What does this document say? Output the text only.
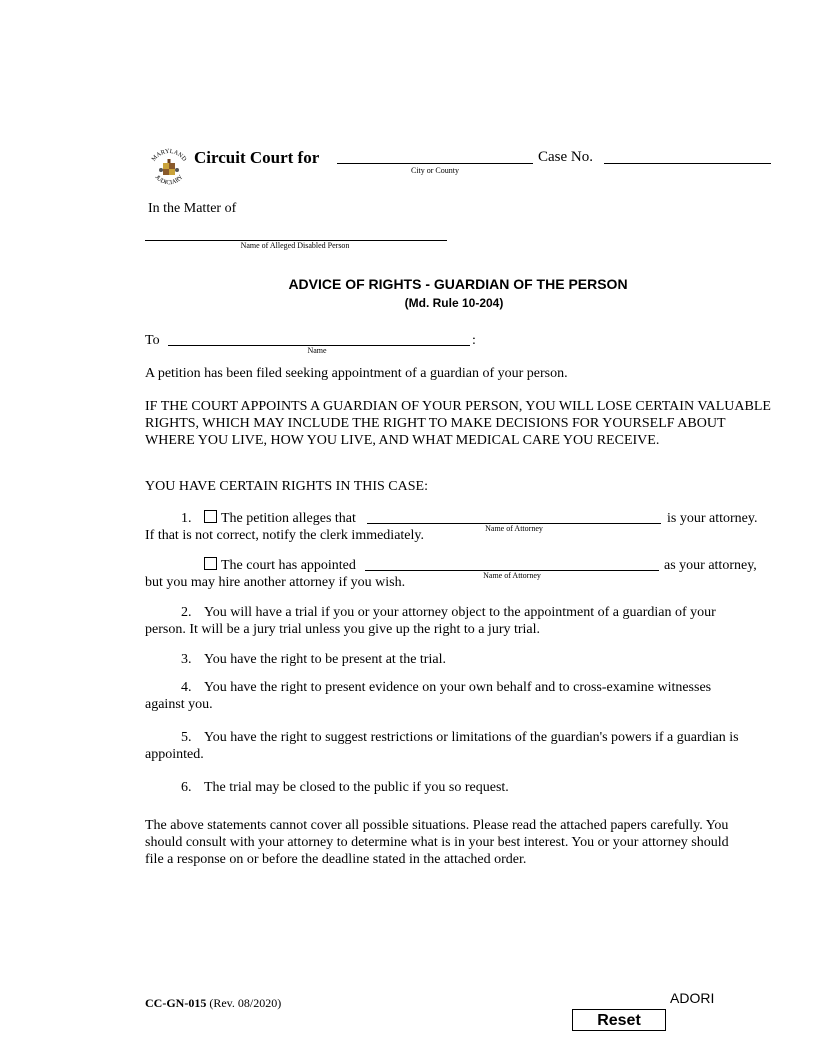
MARYLAND
JUDICIARY
Circuit Court for
City or County
Case No.
In the Matter of
Name of Alleged Disabled Person
ADVICE OF RIGHTS - GUARDIAN OF THE PERSON
(Md. Rule 10-204)
To	:
Name
A petition has been filed seeking appointment of a guardian of your person.
IF THE COURT APPOINTS A GUARDIAN OF YOUR PERSON, YOU WILL LOSE CERTAIN VALUABLE RIGHTS, WHICH MAY INCLUDE THE RIGHT TO MAKE DECISIONS FOR YOURSELF ABOUT WHERE YOU LIVE, HOW YOU LIVE, AND WHAT MEDICAL CARE YOU RECEIVE.
YOU HAVE CERTAIN RIGHTS IN THIS CASE:
1.	The petition alleges that
Name of Attorney
is your attorney.
If that is not correct, notify the clerk immediately.
The court has appointed
Name of Attorney
as your attorney,
but you may hire another attorney if you wish.
2. You will have a trial if you or your attorney object to the appointment of a guardian of your
person. It will be a jury trial unless you give up the right to a jury trial.
3. You have the right to be present at the trial.
4. You have the right to present evidence on your own behalf and to cross-examine witnesses
against you.
5. You have the right to suggest restrictions or limitations of the guardian's powers if a guardian is
appointed.
6. The trial may be closed to the public if you so request.
The above statements cannot cover all possible situations. Please read the attached papers carefully. You
should consult with your attorney to determine what is in your best interest. You or your attorney should
file a response on or before the deadline stated in the attached order.
CC-GN-015 (Rev. 08/2020)	ADORI
Reset
